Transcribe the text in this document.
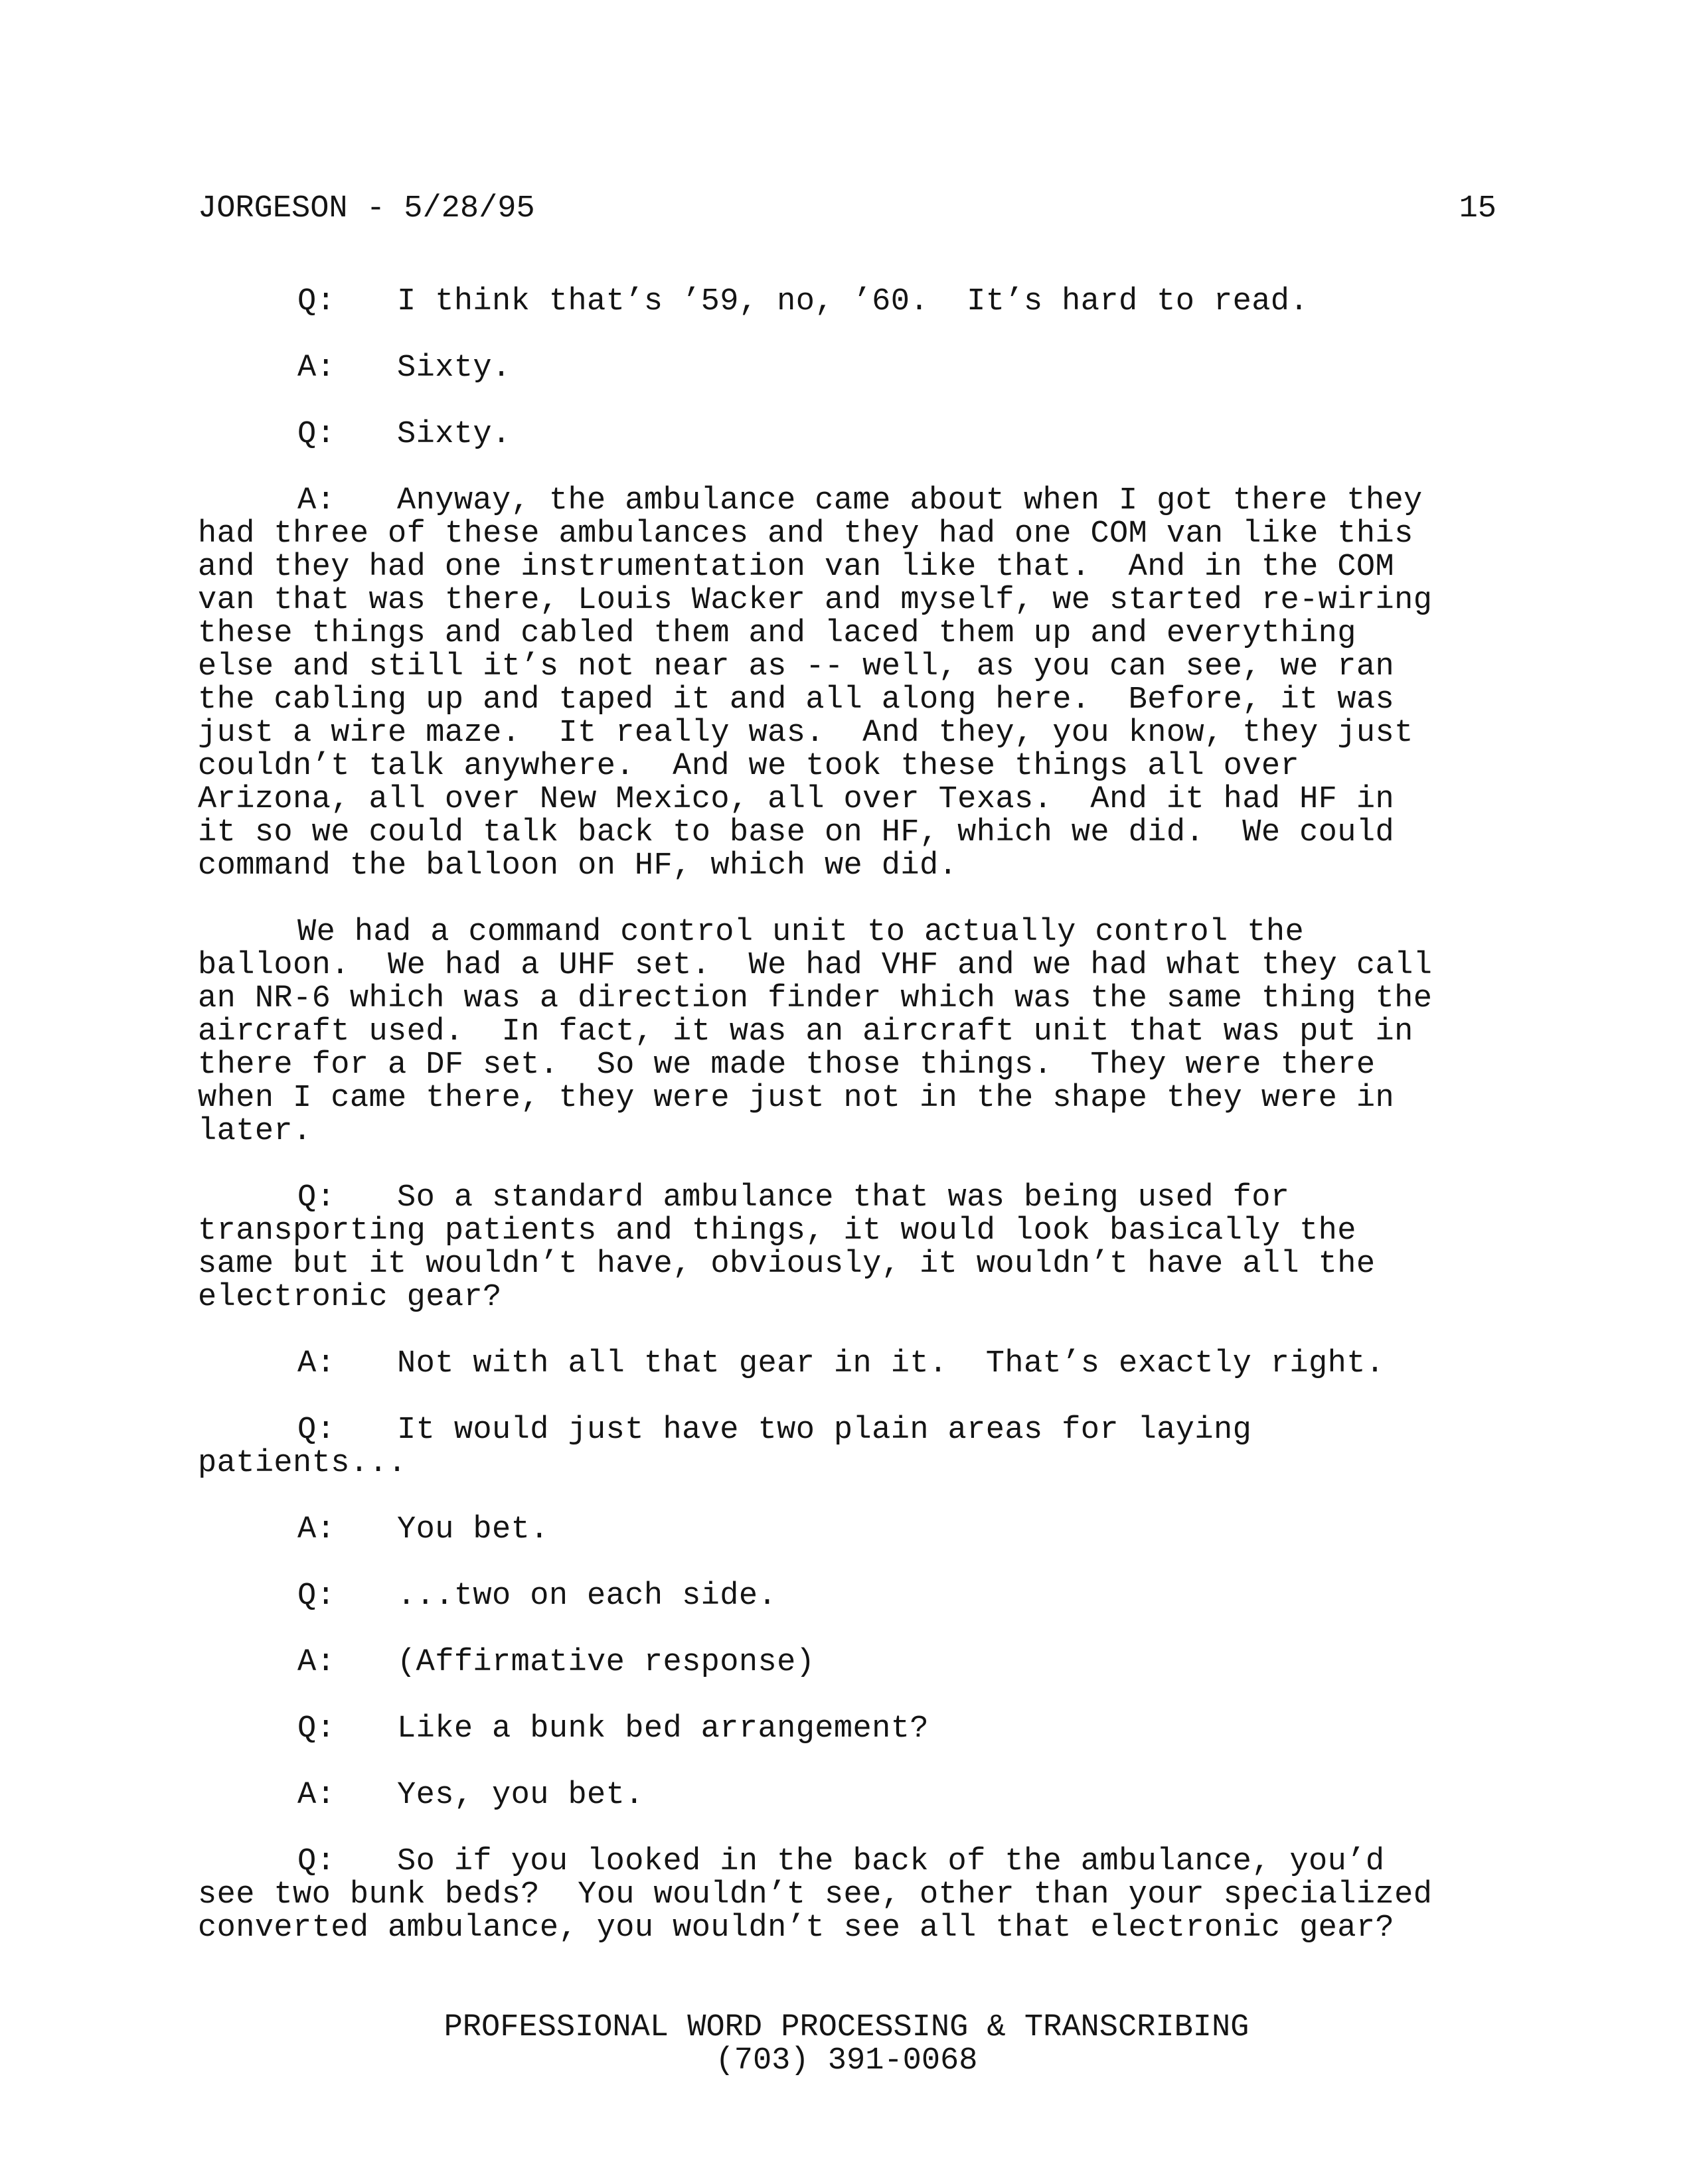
JORGESON - 5/28/95	15
Q: I think that’s ’59, no, ’60.  It’s hard to read.
A: Sixty.
Q: Sixty.
A: Anyway, the ambulance came about when I got there they
had three of these ambulances and they had one COM van like this
and they had one instrumentation van like that.  And in the COM
van that was there, Louis Wacker and myself, we started re-wiring
these things and cabled them and laced them up and everything
else and still it’s not near as -- well, as you can see, we ran
the cabling up and taped it and all along here.  Before, it was
just a wire maze.  It really was.  And they, you know, they just
couldn’t talk anywhere.  And we took these things all over
Arizona, all over New Mexico, all over Texas.  And it had HF in
it so we could talk back to base on HF, which we did.  We could
command the balloon on HF, which we did.
We had a command control unit to actually control the
balloon.  We had a UHF set.  We had VHF and we had what they call
an NR-6 which was a direction finder which was the same thing the
aircraft used.  In fact, it was an aircraft unit that was put in
there for a DF set.  So we made those things.  They were there
when I came there, they were just not in the shape they were in
later.
Q: So a standard ambulance that was being used for
transporting patients and things, it would look basically the
same but it wouldn’t have, obviously, it wouldn’t have all the
electronic gear?
A: Not with all that gear in it.  That’s exactly right.
Q: It would just have two plain areas for laying
patients...
A: You bet.
Q: ...two on each side.
A: (Affirmative response)
Q: Like a bunk bed arrangement?
A: Yes, you bet.
Q: So if you looked in the back of the ambulance, you’d
see two bunk beds?  You wouldn’t see, other than your specialized
converted ambulance, you wouldn’t see all that electronic gear?
PROFESSIONAL WORD PROCESSING & TRANSCRIBING
(703) 391-0068
